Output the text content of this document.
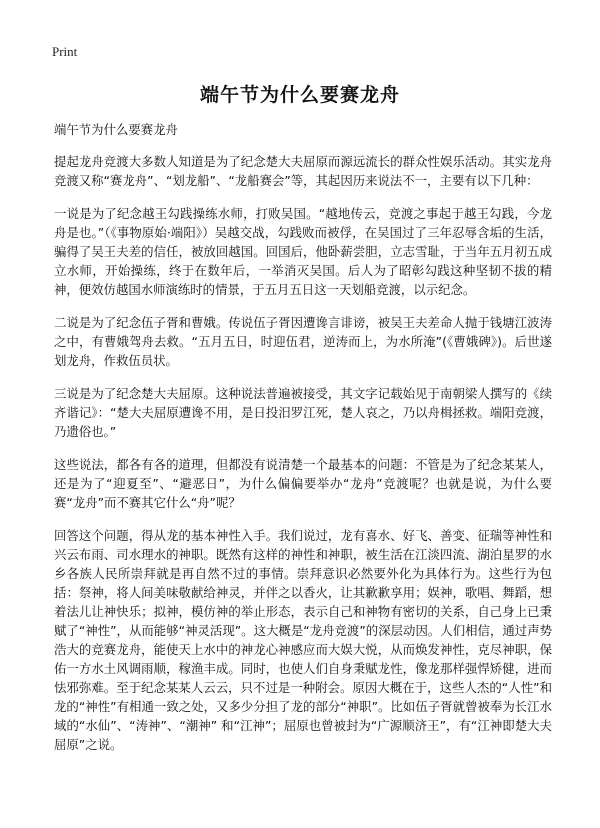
Print
端午节为什么要赛龙舟

端午节为什么要赛龙舟

提起龙舟竞渡大多数人知道是为了纪念楚大夫屈原而源远流长的群众性娱乐活动。其实龙舟竞渡又称“赛龙舟”、“划龙船”、“龙船赛会”等，其起因历来说法不一，主要有以下几种：

一说是为了纪念越王勾践操练水师，打败吴国。“越地传云，竞渡之事起于越王勾践，今龙舟是也。”（《事物原始·端阳》）吴越交战，勾践败而被俘，在吴国过了三年忍辱含垢的生活，骗得了吴王夫差的信任，被放回越国。回国后，他卧薪尝胆，立志雪耻，于当年五月初五成立水师，开始操练，终于在数年后，一举消灭吴国。后人为了昭彰勾践这种坚韧不拔的精神，便效仿越国水师演练时的情景，于五月五日这一天划船竞渡，以示纪念。

二说是为了纪念伍子胥和曹娥。传说伍子胥因遭谗言诽谤，被吴王夫差命人抛于钱塘江波涛之中，有曹娥驾舟去救。“五月五日，时迎伍君，逆涛而上，为水所淹”(《曹娥碑》)。后世遂划龙舟，作救伍员状。

三说是为了纪念楚大夫屈原。这种说法普遍被接受，其文字记载始见于南朝梁人撰写的《续齐谐记》：“楚大夫屈原遭谗不用，是日投汨罗江死，楚人哀之，乃以舟楫拯救。端阳竞渡，乃遗俗也。”

这些说法，都各有各的道理，但都没有说清楚一个最基本的问题：不管是为了纪念某某人，还是为了“迎夏至”、“避恶日”，为什么偏偏要举办“龙舟”竞渡呢？也就是说，为什么要赛“龙舟”而不赛其它什么“舟”呢？

回答这个问题，得从龙的基本神性入手。我们说过，龙有喜水、好飞、善变、征瑞等神性和兴云布雨、司水理水的神职。既然有这样的神性和神职，被生活在江淡四流、湖泊星罗的水乡各族人民所崇拜就是再自然不过的事情。崇拜意识必然要外化为具体行为。这些行为包括：祭神，将人间美味敬献给神灵，并伴之以香火，让其歉歉享用；娱神，歌唱、舞蹈，想着法儿让神快乐；拟神，模仿神的举止形态，表示自己和神物有密切的关系，自己身上已秉赋了“神性”，从而能够“神灵活现”。这大概是“龙舟竞渡”的深层动因。人们相信，通过声势浩大的竞赛龙舟，能使天上水中的神龙心神感应而大娱大悦，从而焕发神性，克尽神职，保佑一方水土风调雨顺，稼渔丰成。同时，也使人们自身秉赋龙性，像龙那样强悍矫健，进而怯邪弥难。至于纪念某某人云云，只不过是一种附会。原因大概在于，这些人杰的“人性”和龙的“神性”有相通一致之处，又多少分担了龙的部分“神职”。比如伍子胥就曾被奉为长江水域的“水仙”、“涛神”、“潮神” 和“江神”；屈原也曾被封为“广源顺济王”，有“江神即楚大夫屈原”之说。
